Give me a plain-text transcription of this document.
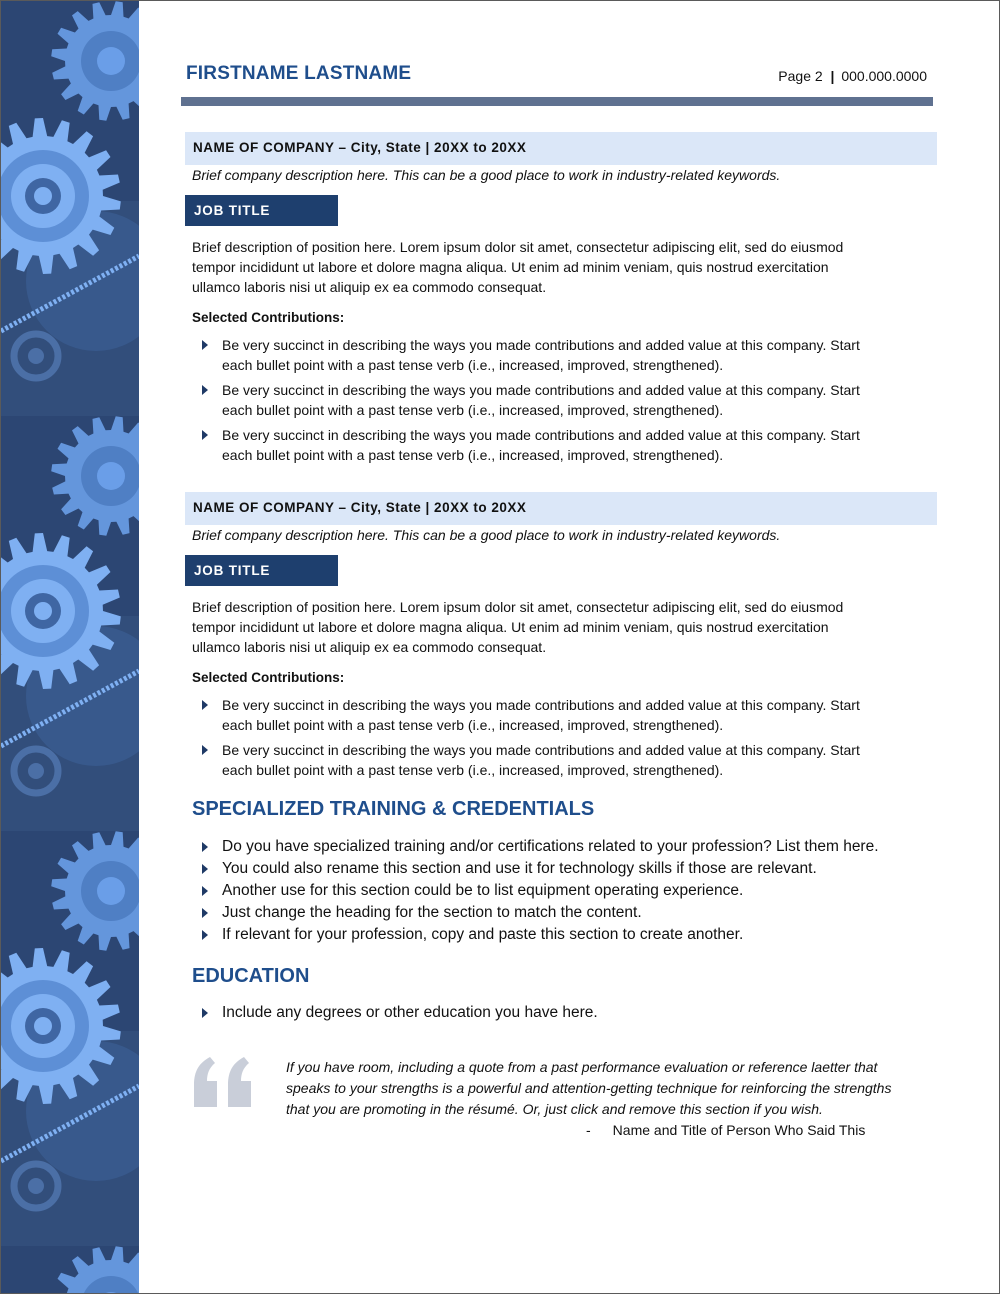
FIRSTNAME LASTNAME	Page 2 | 000.000.0000
NAME OF COMPANY – City, State | 20XX to 20XX
Brief company description here. This can be a good place to work in industry-related keywords.
JOB TITLE
Brief description of position here. Lorem ipsum dolor sit amet, consectetur adipiscing elit, sed do eiusmod
tempor incididunt ut labore et dolore magna aliqua. Ut enim ad minim veniam, quis nostrud exercitation
ullamco laboris nisi ut aliquip ex ea commodo consequat.
Selected Contributions:
Be very succinct in describing the ways you made contributions and added value at this company. Start
each bullet point with a past tense verb (i.e., increased, improved, strengthened).
Be very succinct in describing the ways you made contributions and added value at this company. Start
each bullet point with a past tense verb (i.e., increased, improved, strengthened).
Be very succinct in describing the ways you made contributions and added value at this company. Start
each bullet point with a past tense verb (i.e., increased, improved, strengthened).
NAME OF COMPANY – City, State | 20XX to 20XX
Brief company description here. This can be a good place to work in industry-related keywords.
JOB TITLE
Brief description of position here. Lorem ipsum dolor sit amet, consectetur adipiscing elit, sed do eiusmod
tempor incididunt ut labore et dolore magna aliqua. Ut enim ad minim veniam, quis nostrud exercitation
ullamco laboris nisi ut aliquip ex ea commodo consequat.
Selected Contributions:
Be very succinct in describing the ways you made contributions and added value at this company. Start
each bullet point with a past tense verb (i.e., increased, improved, strengthened).
Be very succinct in describing the ways you made contributions and added value at this company. Start
each bullet point with a past tense verb (i.e., increased, improved, strengthened).
SPECIALIZED TRAINING & CREDENTIALS
Do you have specialized training and/or certifications related to your profession? List them here.
You could also rename this section and use it for technology skills if those are relevant.
Another use for this section could be to list equipment operating experience.
Just change the heading for the section to match the content.
If relevant for your profession, copy and paste this section to create another.
EDUCATION
Include any degrees or other education you have here.
If you have room, including a quote from a past performance evaluation or reference laetter that
speaks to your strengths is a powerful and attention-getting technique for reinforcing the strengths
that you are promoting in the résumé. Or, just click and remove this section if you wish.
- Name and Title of Person Who Said This
